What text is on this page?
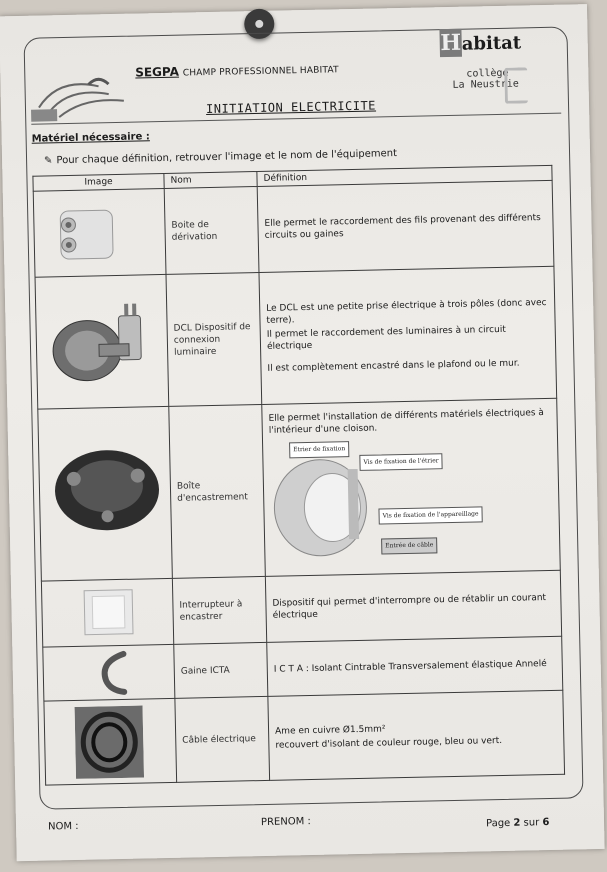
SEGPA CHAMP PROFESSIONNEL HABITAT
INITIATION ELECTRICITE
Habitat
collège
La Neustrie
Matériel nécessaire :
✎ Pour chaque définition, retrouver l'image et le nom de l'équipement
Image	Nom	Définition

	Boite de dérivation	Elle permet le raccordement des fils provenant des différents circuits ou gaines

	DCL Dispositif de connexion luminaire	Le DCL est une petite prise électrique à trois pôles (donc avec terre).

Il permet le raccordement des luminaires à un circuit électrique

Il est complètement encastré dans le plafond ou le mur.

	Boîte d'encastrement	Elle permet l'installation de différents matériels électriques à l'intérieur d'une cloison.

Etrier de fixation
Vis de fixation de l'étrier
Vis de fixation de l'appareillage
Entrée de câble

	Interrupteur à encastrer	Dispositif qui permet d'interrompre ou de rétablir un courant électrique

	Gaine ICTA	I C T A : Isolant Cintrable Transversalement élastique Annelé

	Câble électrique	Ame en cuivre Ø1.5mm²

recouvert d'isolant de couleur rouge, bleu ou vert.

NOM :	PRENOM :	Page 2 sur 6
